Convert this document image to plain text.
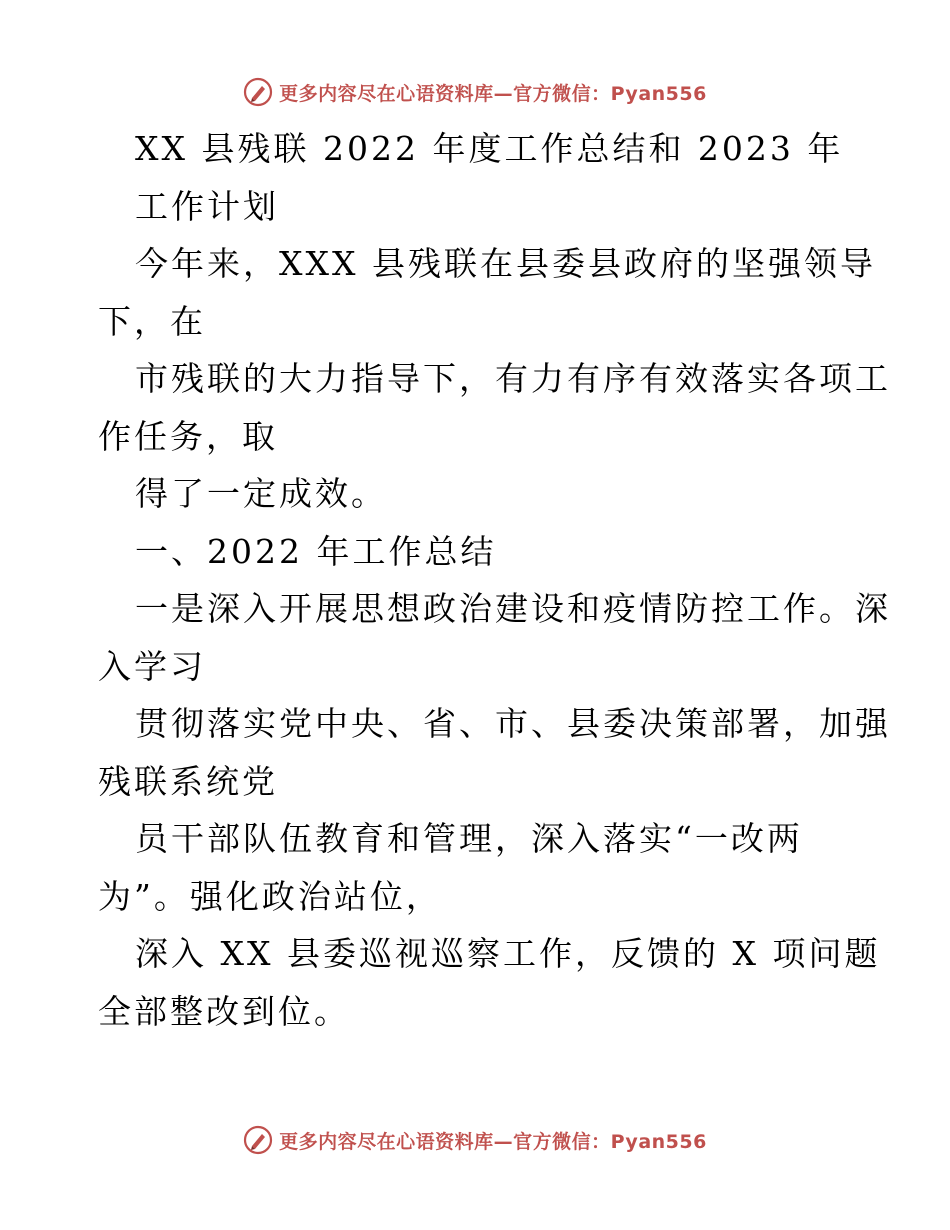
更多内容尽在心语资料库—官方微信：Pyan556
XX 县残联 2022 年度工作总结和 2023 年
工作计划
今年来，XXX 县残联在县委县政府的坚强领导
下，在
市残联的大力指导下，有力有序有效落实各项工
作任务，取
得了一定成效。
一、2022 年工作总结
一是深入开展思想政治建设和疫情防控工作。深
入学习
贯彻落实党中央、省、市、县委决策部署，加强
残联系统党
员干部队伍教育和管理，深入落实“一改两
为”。强化政治站位，
深入 XX 县委巡视巡察工作，反馈的 X 项问题
全部整改到位。
更多内容尽在心语资料库—官方微信：Pyan556
